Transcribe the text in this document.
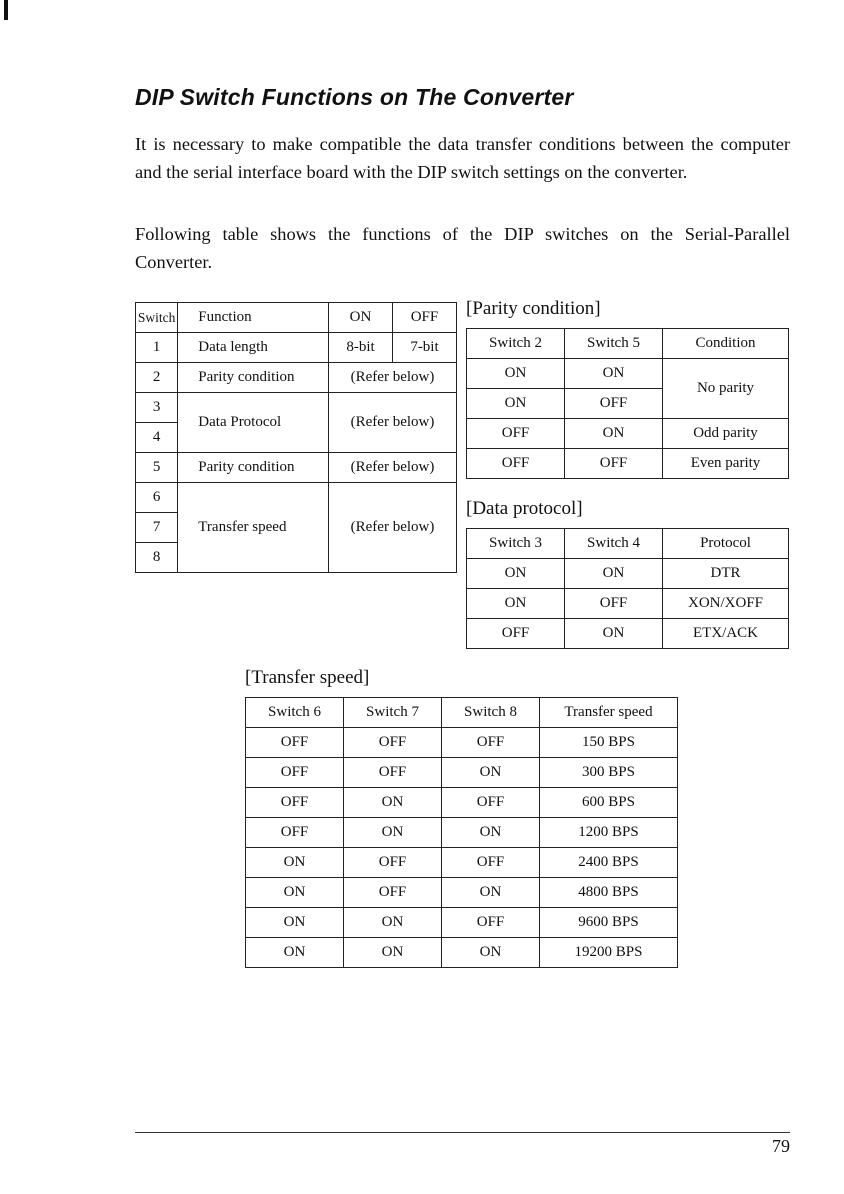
DIP Switch Functions on The Converter

It is necessary to make compatible the data transfer conditions between the computer and the serial interface board with the DIP switch settings on the converter.

Following table shows the functions of the DIP switches on the Serial-Parallel Converter.

Switch	Function	ON	OFF
1	Data length	8-bit	7-bit
2	Parity condition	(Refer below)	
3	Data Protocol	(Refer below)	
4			
5	Parity condition	(Refer below)	
6	Transfer speed	(Refer below)	
7			
8			

[Parity condition]

Switch 2	Switch 5	Condition
ON	ON	No parity
ON	OFF	
OFF	ON	Odd parity
OFF	OFF	Even parity

[Data protocol]

Switch 3	Switch 4	Protocol
ON	ON	DTR
ON	OFF	XON/XOFF
OFF	ON	ETX/ACK

[Transfer speed]

Switch 6	Switch 7	Switch 8	Transfer speed
OFF	OFF	OFF	150 BPS
OFF	OFF	ON	300 BPS
OFF	ON	OFF	600 BPS
OFF	ON	ON	1200 BPS
ON	OFF	OFF	2400 BPS
ON	OFF	ON	4800 BPS
ON	ON	OFF	9600 BPS
ON	ON	ON	19200 BPS

79
